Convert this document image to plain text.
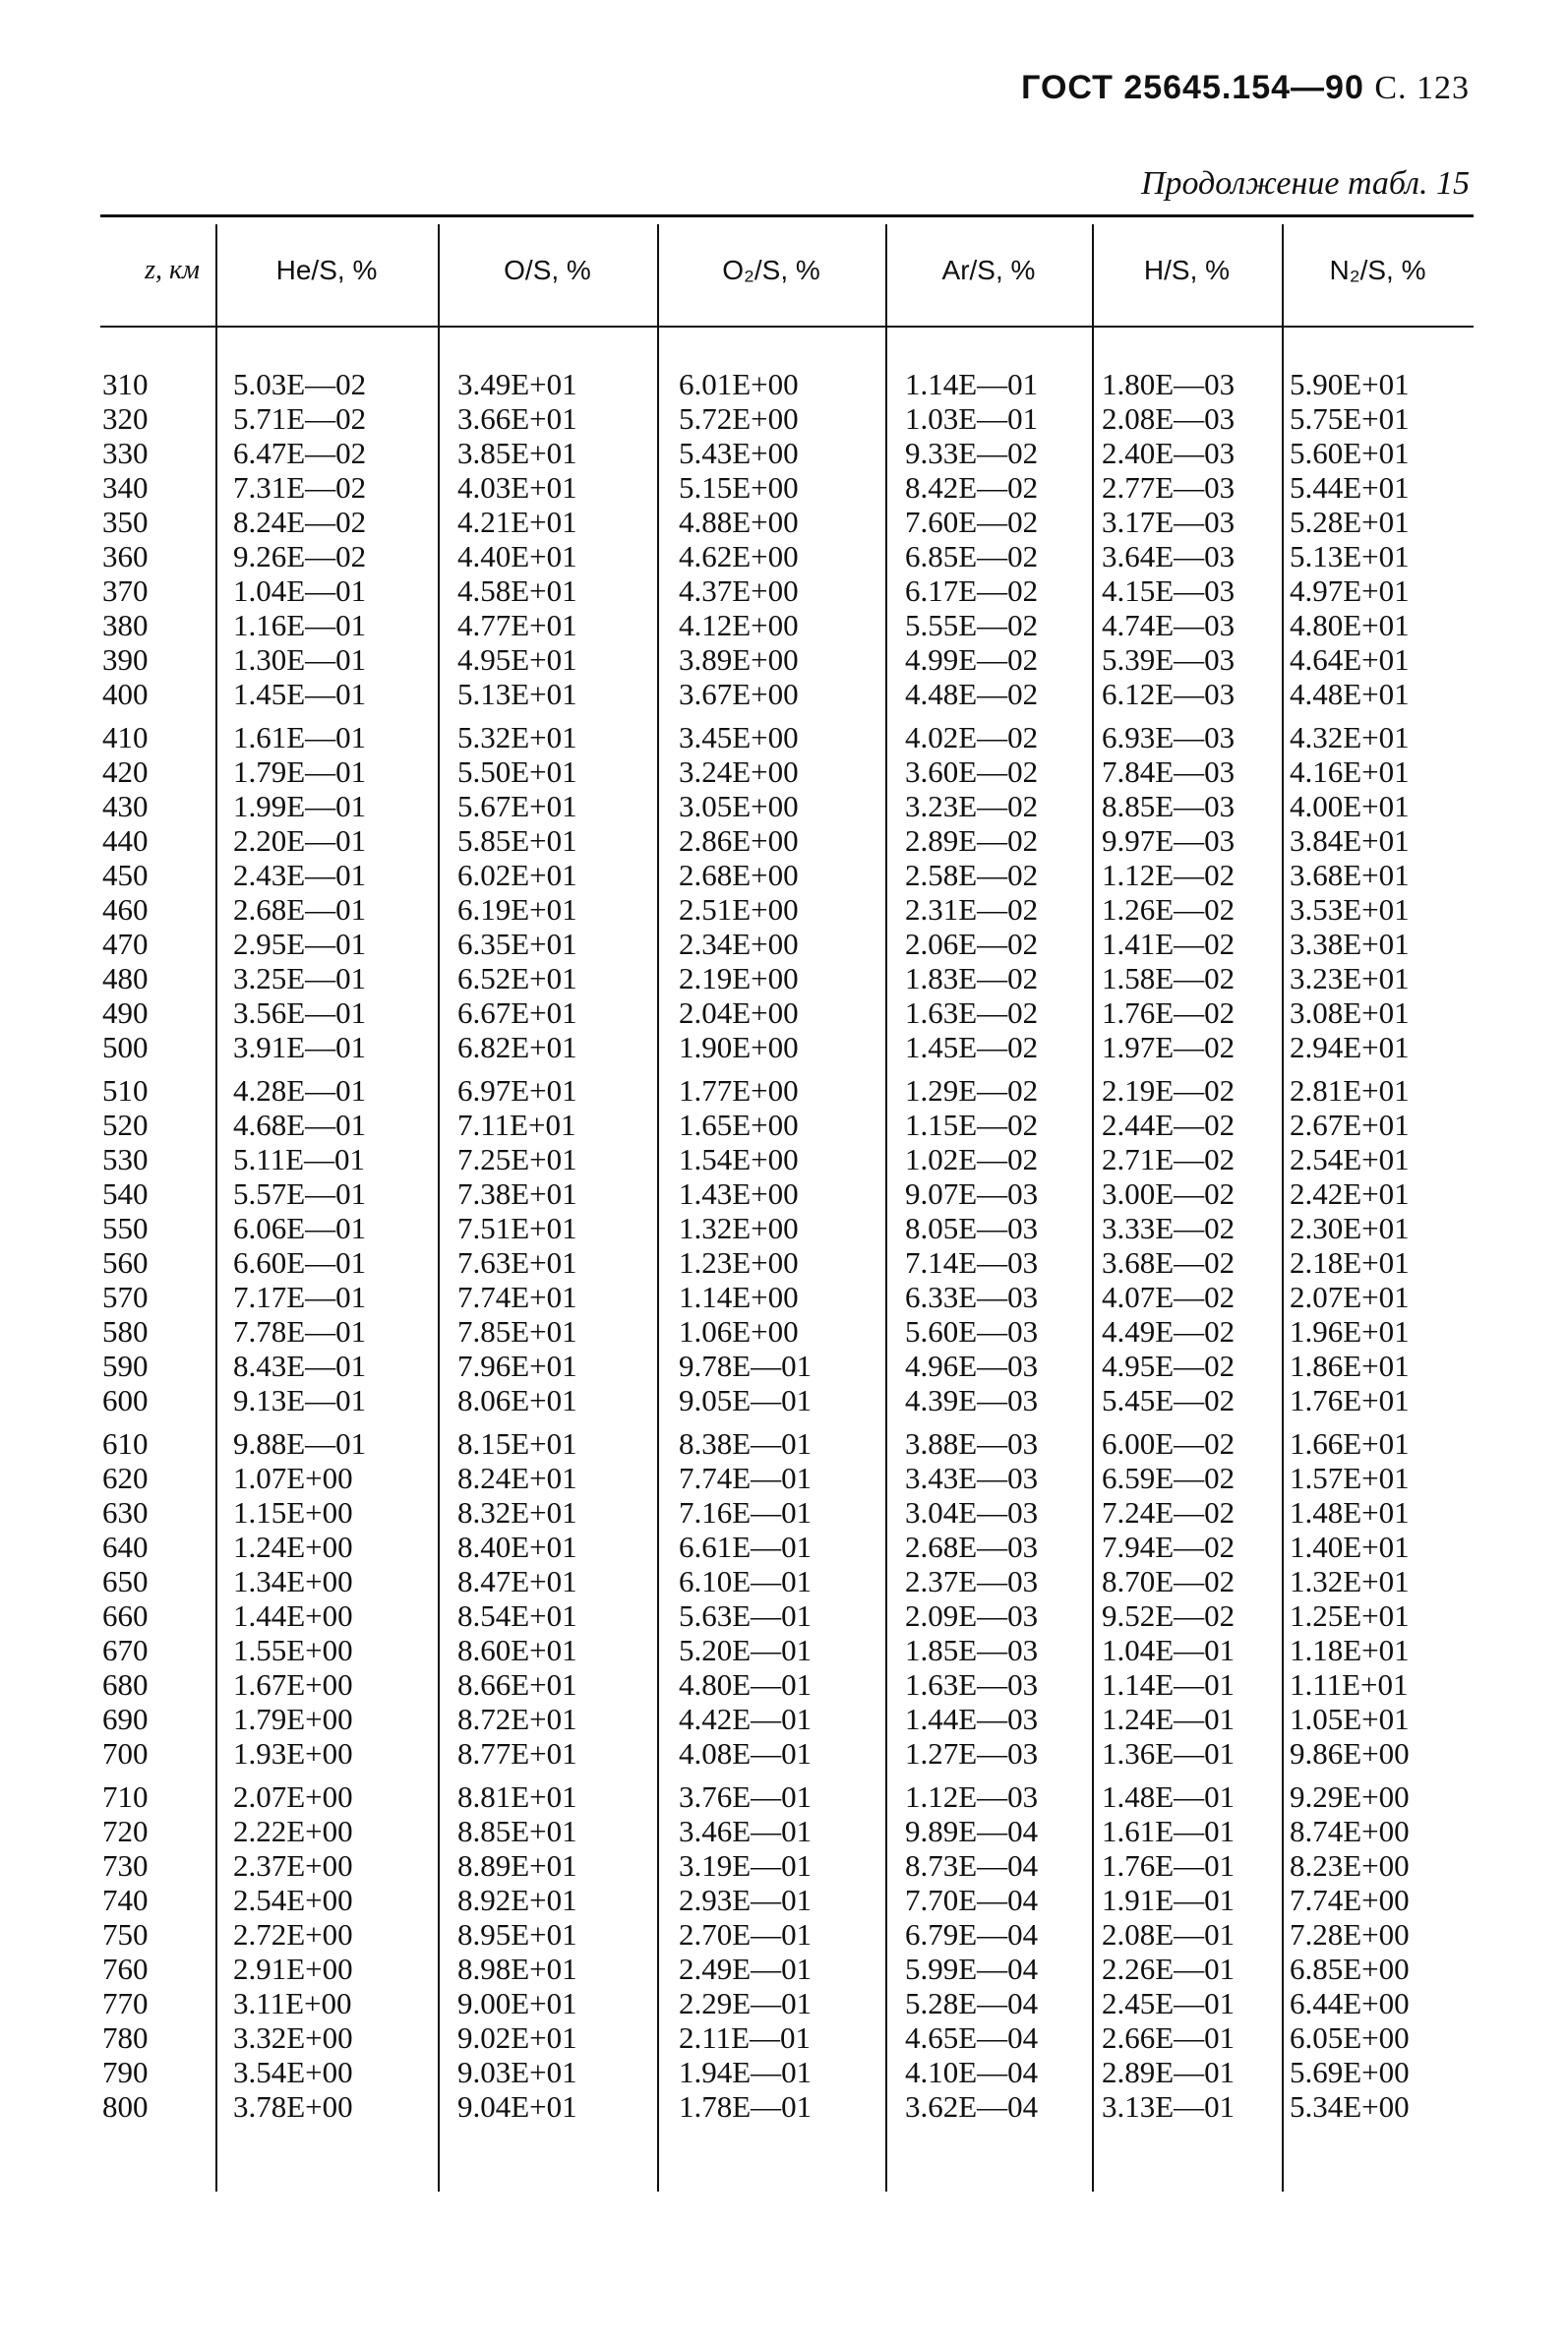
ГОСТ 25645.154—90 С. 123
Продолжение табл. 15
z, км	He/S, %	O/S, %	O₂/S, %	Ar/S, %	H/S, %	N₂/S, %
310	5.03E—02	3.49E+01	6.01E+00	1.14E—01	1.80E—03	5.90E+01
320	5.71E—02	3.66E+01	5.72E+00	1.03E—01	2.08E—03	5.75E+01
330	6.47E—02	3.85E+01	5.43E+00	9.33E—02	2.40E—03	5.60E+01
340	7.31E—02	4.03E+01	5.15E+00	8.42E—02	2.77E—03	5.44E+01
350	8.24E—02	4.21E+01	4.88E+00	7.60E—02	3.17E—03	5.28E+01
360	9.26E—02	4.40E+01	4.62E+00	6.85E—02	3.64E—03	5.13E+01
370	1.04E—01	4.58E+01	4.37E+00	6.17E—02	4.15E—03	4.97E+01
380	1.16E—01	4.77E+01	4.12E+00	5.55E—02	4.74E—03	4.80E+01
390	1.30E—01	4.95E+01	3.89E+00	4.99E—02	5.39E—03	4.64E+01
400	1.45E—01	5.13E+01	3.67E+00	4.48E—02	6.12E—03	4.48E+01
410	1.61E—01	5.32E+01	3.45E+00	4.02E—02	6.93E—03	4.32E+01
420	1.79E—01	5.50E+01	3.24E+00	3.60E—02	7.84E—03	4.16E+01
430	1.99E—01	5.67E+01	3.05E+00	3.23E—02	8.85E—03	4.00E+01
440	2.20E—01	5.85E+01	2.86E+00	2.89E—02	9.97E—03	3.84E+01
450	2.43E—01	6.02E+01	2.68E+00	2.58E—02	1.12E—02	3.68E+01
460	2.68E—01	6.19E+01	2.51E+00	2.31E—02	1.26E—02	3.53E+01
470	2.95E—01	6.35E+01	2.34E+00	2.06E—02	1.41E—02	3.38E+01
480	3.25E—01	6.52E+01	2.19E+00	1.83E—02	1.58E—02	3.23E+01
490	3.56E—01	6.67E+01	2.04E+00	1.63E—02	1.76E—02	3.08E+01
500	3.91E—01	6.82E+01	1.90E+00	1.45E—02	1.97E—02	2.94E+01
510	4.28E—01	6.97E+01	1.77E+00	1.29E—02	2.19E—02	2.81E+01
520	4.68E—01	7.11E+01	1.65E+00	1.15E—02	2.44E—02	2.67E+01
530	5.11E—01	7.25E+01	1.54E+00	1.02E—02	2.71E—02	2.54E+01
540	5.57E—01	7.38E+01	1.43E+00	9.07E—03	3.00E—02	2.42E+01
550	6.06E—01	7.51E+01	1.32E+00	8.05E—03	3.33E—02	2.30E+01
560	6.60E—01	7.63E+01	1.23E+00	7.14E—03	3.68E—02	2.18E+01
570	7.17E—01	7.74E+01	1.14E+00	6.33E—03	4.07E—02	2.07E+01
580	7.78E—01	7.85E+01	1.06E+00	5.60E—03	4.49E—02	1.96E+01
590	8.43E—01	7.96E+01	9.78E—01	4.96E—03	4.95E—02	1.86E+01
600	9.13E—01	8.06E+01	9.05E—01	4.39E—03	5.45E—02	1.76E+01
610	9.88E—01	8.15E+01	8.38E—01	3.88E—03	6.00E—02	1.66E+01
620	1.07E+00	8.24E+01	7.74E—01	3.43E—03	6.59E—02	1.57E+01
630	1.15E+00	8.32E+01	7.16E—01	3.04E—03	7.24E—02	1.48E+01
640	1.24E+00	8.40E+01	6.61E—01	2.68E—03	7.94E—02	1.40E+01
650	1.34E+00	8.47E+01	6.10E—01	2.37E—03	8.70E—02	1.32E+01
660	1.44E+00	8.54E+01	5.63E—01	2.09E—03	9.52E—02	1.25E+01
670	1.55E+00	8.60E+01	5.20E—01	1.85E—03	1.04E—01	1.18E+01
680	1.67E+00	8.66E+01	4.80E—01	1.63E—03	1.14E—01	1.11E+01
690	1.79E+00	8.72E+01	4.42E—01	1.44E—03	1.24E—01	1.05E+01
700	1.93E+00	8.77E+01	4.08E—01	1.27E—03	1.36E—01	9.86E+00
710	2.07E+00	8.81E+01	3.76E—01	1.12E—03	1.48E—01	9.29E+00
720	2.22E+00	8.85E+01	3.46E—01	9.89E—04	1.61E—01	8.74E+00
730	2.37E+00	8.89E+01	3.19E—01	8.73E—04	1.76E—01	8.23E+00
740	2.54E+00	8.92E+01	2.93E—01	7.70E—04	1.91E—01	7.74E+00
750	2.72E+00	8.95E+01	2.70E—01	6.79E—04	2.08E—01	7.28E+00
760	2.91E+00	8.98E+01	2.49E—01	5.99E—04	2.26E—01	6.85E+00
770	3.11E+00	9.00E+01	2.29E—01	5.28E—04	2.45E—01	6.44E+00
780	3.32E+00	9.02E+01	2.11E—01	4.65E—04	2.66E—01	6.05E+00
790	3.54E+00	9.03E+01	1.94E—01	4.10E—04	2.89E—01	5.69E+00
800	3.78E+00	9.04E+01	1.78E—01	3.62E—04	3.13E—01	5.34E+00
